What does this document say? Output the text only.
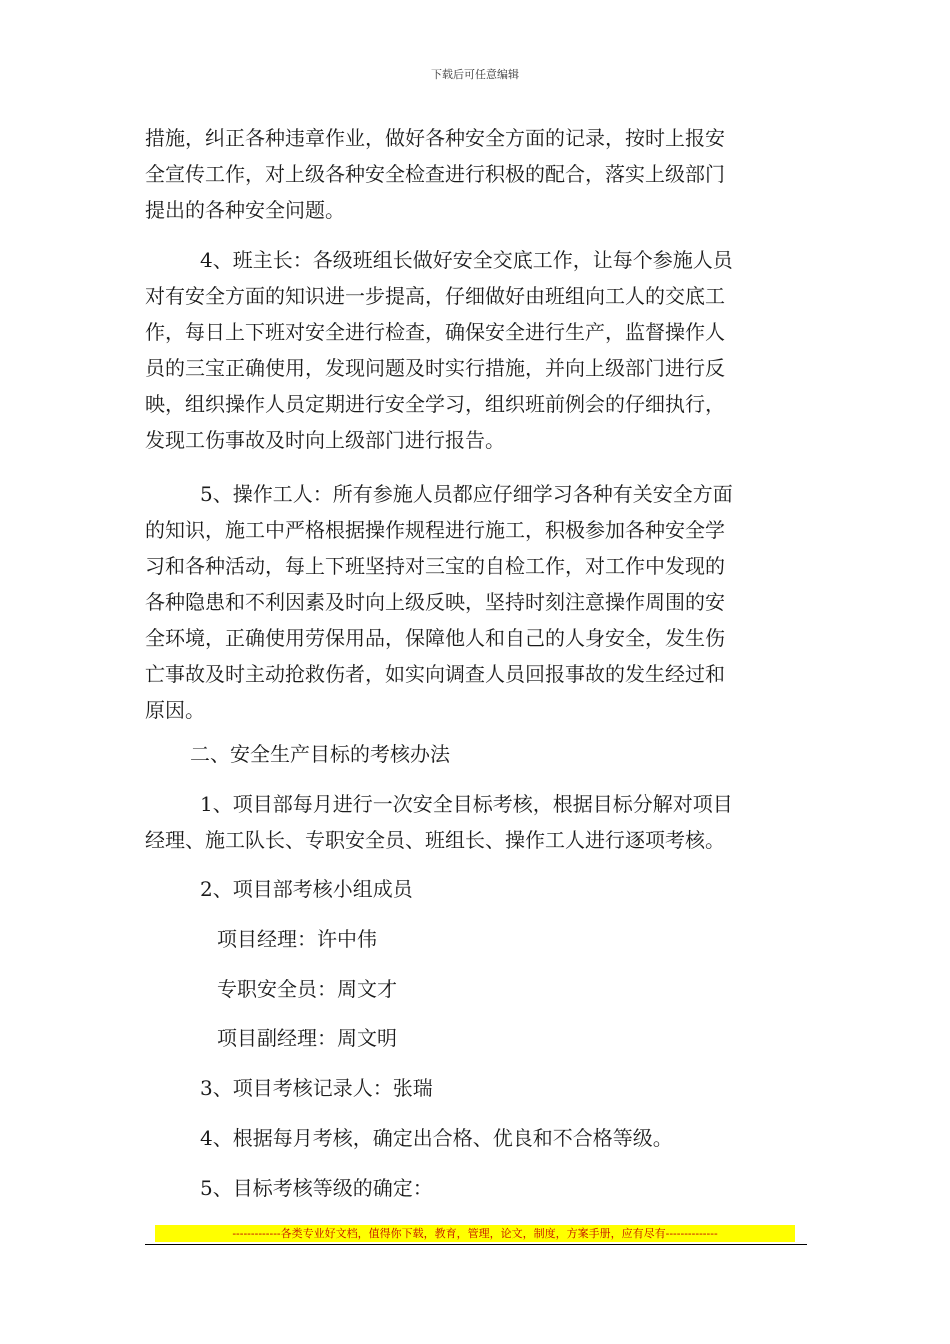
下载后可任意编辑
措施，纠正各种违章作业，做好各种安全方面的记录，按时上报安
全宣传工作，对上级各种安全检查进行积极的配合，落实上级部门
提出的各种安全问题。
4、班主长：各级班组长做好安全交底工作，让每个参施人员
对有安全方面的知识进一步提高，仔细做好由班组向工人的交底工
作，每日上下班对安全进行检查，确保安全进行生产，监督操作人
员的三宝正确使用，发现问题及时实行措施，并向上级部门进行反
映，组织操作人员定期进行安全学习，组织班前例会的仔细执行，
发现工伤事故及时向上级部门进行报告。
5、操作工人：所有参施人员都应仔细学习各种有关安全方面
的知识，施工中严格根据操作规程进行施工，积极参加各种安全学
习和各种活动，每上下班坚持对三宝的自检工作，对工作中发现的
各种隐患和不利因素及时向上级反映，坚持时刻注意操作周围的安
全环境，正确使用劳保用品，保障他人和自己的人身安全，发生伤
亡事故及时主动抢救伤者，如实向调查人员回报事故的发生经过和
原因。
二、安全生产目标的考核办法
1、项目部每月进行一次安全目标考核，根据目标分解对项目
经理、施工队长、专职安全员、班组长、操作工人进行逐项考核。
2、项目部考核小组成员
项目经理：许中伟
专职安全员：周文才
项目副经理：周文明
3、项目考核记录人：张瑞
4、根据每月考核，确定出合格、优良和不合格等级。
5、目标考核等级的确定：
-------------各类专业好文档，值得你下载，教育，管理，论文，制度，方案手册，应有尽有--------------
